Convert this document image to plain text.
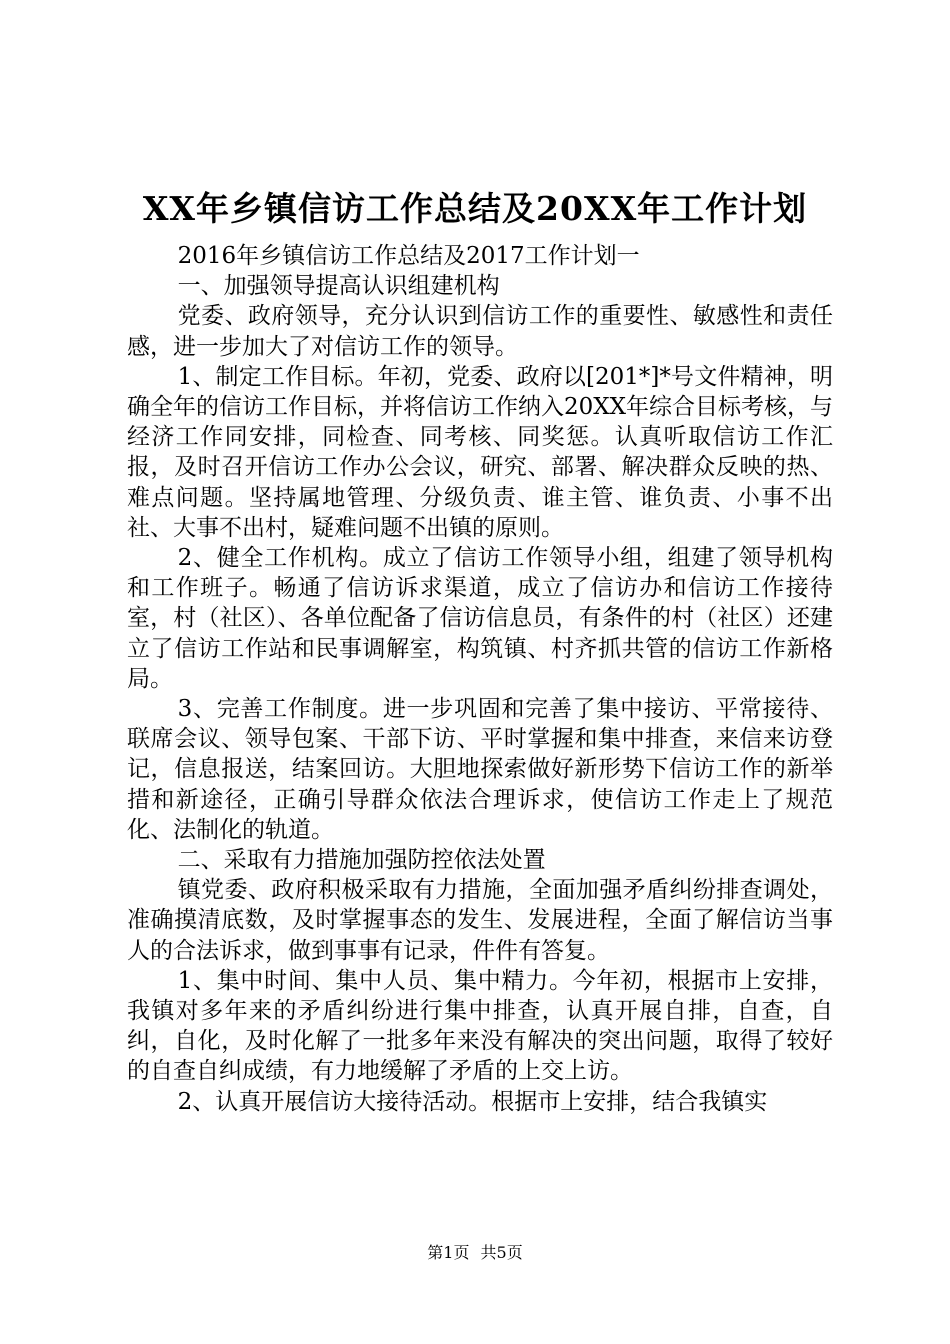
XX年乡镇信访工作总结及20XX年工作计划

2016年乡镇信访工作总结及2017工作计划一

一、加强领导提高认识组建机构

党委、政府领导，充分认识到信访工作的重要性、敏感性和责任感，进一步加大了对信访工作的领导。

1、制定工作目标。年初，党委、政府以[201*]*号文件精神，明确全年的信访工作目标，并将信访工作纳入20XX年综合目标考核，与经济工作同安排，同检查、同考核、同奖惩。认真听取信访工作汇报，及时召开信访工作办公会议，研究、部署、解决群众反映的热、难点问题。坚持属地管理、分级负责、谁主管、谁负责、小事不出社、大事不出村，疑难问题不出镇的原则。

2、健全工作机构。成立了信访工作领导小组，组建了领导机构和工作班子。畅通了信访诉求渠道，成立了信访办和信访工作接待室，村（社区）、各单位配备了信访信息员，有条件的村（社区）还建立了信访工作站和民事调解室，构筑镇、村齐抓共管的信访工作新格局。

3、完善工作制度。进一步巩固和完善了集中接访、平常接待、联席会议、领导包案、干部下访、平时掌握和集中排查，来信来访登记，信息报送，结案回访。大胆地探索做好新形势下信访工作的新举措和新途径，正确引导群众依法合理诉求，使信访工作走上了规范化、法制化的轨道。

二、采取有力措施加强防控依法处置

镇党委、政府积极采取有力措施，全面加强矛盾纠纷排查调处，准确摸清底数，及时掌握事态的发生、发展进程，全面了解信访当事人的合法诉求，做到事事有记录，件件有答复。

1、集中时间、集中人员、集中精力。今年初，根据市上安排，我镇对多年来的矛盾纠纷进行集中排查，认真开展自排，自查，自纠，自化，及时化解了一批多年来没有解决的突出问题，取得了较好的自查自纠成绩，有力地缓解了矛盾的上交上访。

2、认真开展信访大接待活动。根据市上安排，结合我镇实

第1页 共5页
